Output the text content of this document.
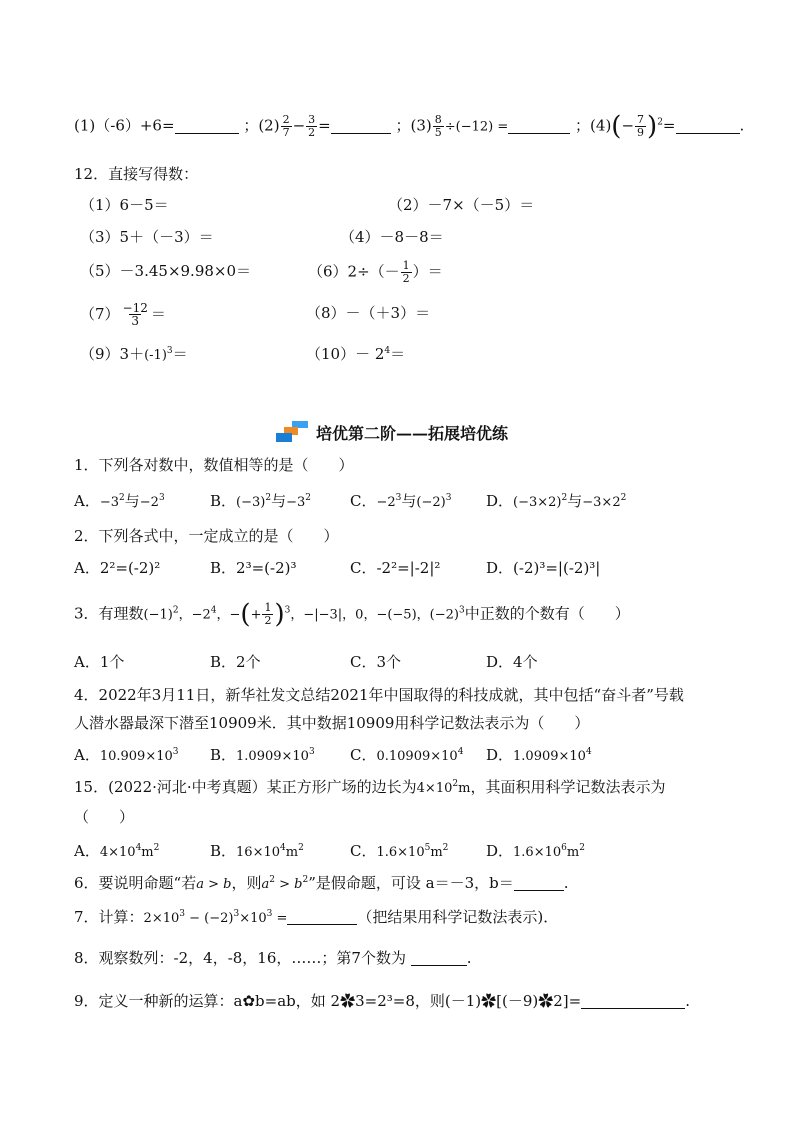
(1)（-6）+6=	；$(2) \frac{2}{7} - \frac{3}{2}$ =	；$(3) \frac{8}{5} \div(-12)$ =	；$(4)(- \frac{7}{9} )^2=$	.
12．直接写得数：
（1）6－5＝	（2）－7×（－5）＝
（3）5＋（－3）＝	（4）－8－8＝
（5）－3.45×9.98×0＝	$(6)2\div(- \frac{1}{2}$ ）＝
$(7) \frac{-12}{3}$ ＝	（8）－（＋3）＝
$(9)3+(-1)^3=$	$(10)- 2^4=$
培优第二阶——拓展培优练
1．下列各对数中，数值相等的是（　　）
A．$-3^2$与$-2^3$	B．$(-3)^2$与$-3^2$	C．$-2^3$与$(-2)^3$ D．$(-3\times 2)^2$与$-3\times 2^2$
2．下列各式中，一定成立的是（　　）
A．2²=(-2)²	B．2³=(-2)³	C．-2²=|-2|²	D．(-2)³=|(-2)³|
3．有理数$(-1)^2$，$-2^4$，−(+ $\frac{1}{2} )^3$，−|−3|，0，−(−5)，$(-2)^3$中正数的个数有（　　）
A．1个	B．2个	C．3个	D．4个
4．2022年3月11日，新华社发文总结2021年中国取得的科技成就，其中包括“奋斗者”号载
人潜水器最深下潜至10909米．其中数据10909用科学记数法表示为（　　）
A．$10.909\times 10^3$ B．$1.0909\times 10^3$ C．$0.10909\times 10^4$ D．$1.0909\times 10^4$
15．(2022·河北·中考真题）某正方形广场的边长为$4\times 10^2m$，其面积用科学记数法表示为
（　　）
A．$4\times 10^4m^2$	B．$16\times 10^4m^2$	C．$1.6\times 10^5m^2$	D．$1.6\times 10^6m^2$
6．要说明命题“若a > b，则$a^2 > b^2$”是假命题，可设 a＝－3，b＝	.
7．计算：$2\times 10^3 - (-2)^3\times 10^3$ =	（把结果用科学记数法表示)．
8．观察数列：-2，4，-8，16，……；第7个数为	.
9．定义一种新的运算：a✿b=ab，如 2✿3=2³=8，则(－1)✿[(－9)✿2]=	.
